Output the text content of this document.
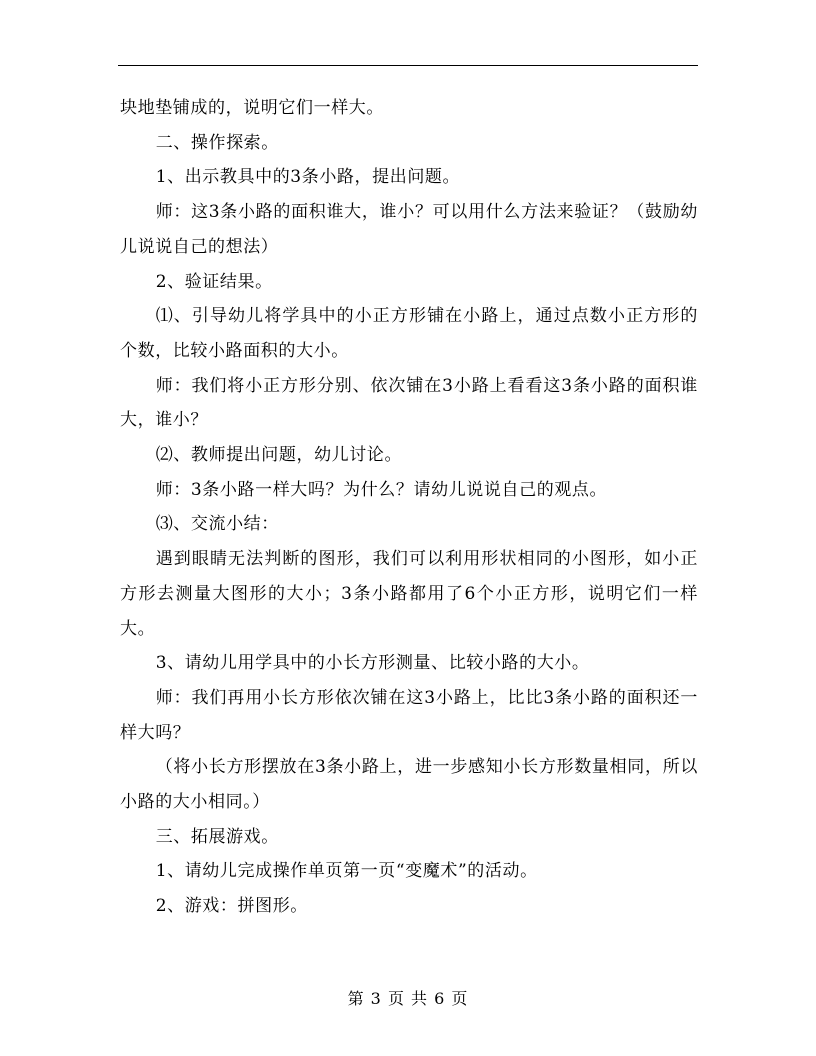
块地垫铺成的，说明它们一样大。

二、操作探索。

1、出示教具中的3条小路，提出问题。

师：这3条小路的面积谁大，谁小？可以用什么方法来验证？（鼓励幼儿说说自己的想法）

2、验证结果。

⑴、引导幼儿将学具中的小正方形铺在小路上，通过点数小正方形的个数，比较小路面积的大小。

师：我们将小正方形分别、依次铺在3小路上看看这3条小路的面积谁大，谁小？

⑵、教师提出问题，幼儿讨论。

师：3条小路一样大吗？为什么？请幼儿说说自己的观点。

⑶、交流小结：

遇到眼睛无法判断的图形，我们可以利用形状相同的小图形，如小正方形去测量大图形的大小；3条小路都用了6个小正方形，说明它们一样大。

3、请幼儿用学具中的小长方形测量、比较小路的大小。

师：我们再用小长方形依次铺在这3小路上，比比3条小路的面积还一样大吗？

（将小长方形摆放在3条小路上，进一步感知小长方形数量相同，所以小路的大小相同。）

三、拓展游戏。

1、请幼儿完成操作单页第一页“变魔术”的活动。

2、游戏：拼图形。

第 3 页 共 6 页
